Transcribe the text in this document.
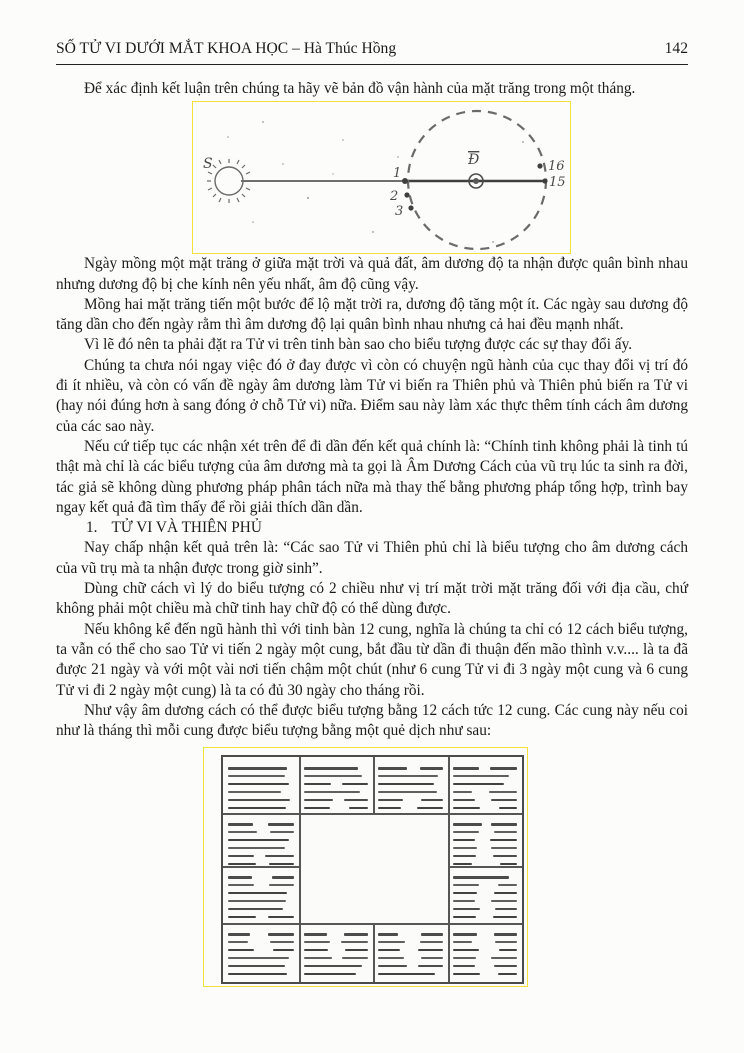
SỐ TỬ VI DƯỚI MẮT KHOA HỌC – Hà Thúc Hồng	142

Để xác định kết luận trên chúng ta hãy vẽ bản đồ vận hành của mặt trăng trong một tháng.

S	Đ
1
2
3
16
15

Ngày mồng một mặt trăng ở giữa mặt trời và quả đất, âm dương độ ta nhận được quân bình nhau nhưng dương độ bị che kính nên yếu nhất, âm độ cũng vậy.

Mồng hai mặt trăng tiến một bước để lộ mặt trời ra, dương độ tăng một ít. Các ngày sau dương độ tăng dần cho đến ngày rằm thì âm dương độ lại quân bình nhau nhưng cả hai đều mạnh nhất.

Vì lẽ đó nên ta phải đặt ra Tử vi trên tinh bàn sao cho biểu tượng được các sự thay đổi ấy.

Chúng ta chưa nói ngay việc đó ở đay được vì còn có chuyện ngũ hành của cục thay đổi vị trí đó đi ít nhiều, và còn có vấn đề ngày âm dương làm Tử vi biến ra Thiên phủ và Thiên phủ biến ra Tử vi (hay nói đúng hơn à sang đóng ở chỗ Tử vi) nữa. Điểm sau này làm xác thực thêm tính cách âm dương của các sao này.

Nếu cứ tiếp tục các nhận xét trên để đi dần đến kết quả chính là: “Chính tinh không phải là tinh tú thật mà chỉ là các biểu tượng của âm dương mà ta gọi là Âm Dương Cách của vũ trụ lúc ta sinh ra đời, tác giả sẽ không dùng phương pháp phân tách nữa mà thay thế bằng phương pháp tổng hợp, trình bay ngay kết quả đã tìm thấy để rồi giải thích dần dần.

1. TỬ VI VÀ THIÊN PHỦ

Nay chấp nhận kết quả trên là: “Các sao Tử vi Thiên phủ chỉ là biểu tượng cho âm dương cách của vũ trụ mà ta nhận được trong giờ sinh”.

Dùng chữ cách vì lý do biểu tượng có 2 chiều như vị trí mặt trời mặt trăng đối với địa cầu, chứ không phải một chiều mà chữ tinh hay chữ độ có thể dùng được.

Nếu không kể đến ngũ hành thì với tinh bàn 12 cung, nghĩa là chúng ta chỉ có 12 cách biểu tượng, ta vẫn có thể cho sao Tử vi tiến 2 ngày một cung, bắt đầu từ dần đi thuận đến mão thình v.v.... là ta đã được 21 ngày và với một vài nơi tiến chậm một chút (như 6 cung Tử vi đi 3 ngày một cung và 6 cung Tử vi đi 2 ngày một cung) là ta có đủ 30 ngày cho tháng rồi.

Như vậy âm dương cách có thể được biểu tượng bằng 12 cách tức 12 cung. Các cung này nếu coi như là tháng thì mỗi cung được biểu tượng bằng một quẻ dịch như sau:
